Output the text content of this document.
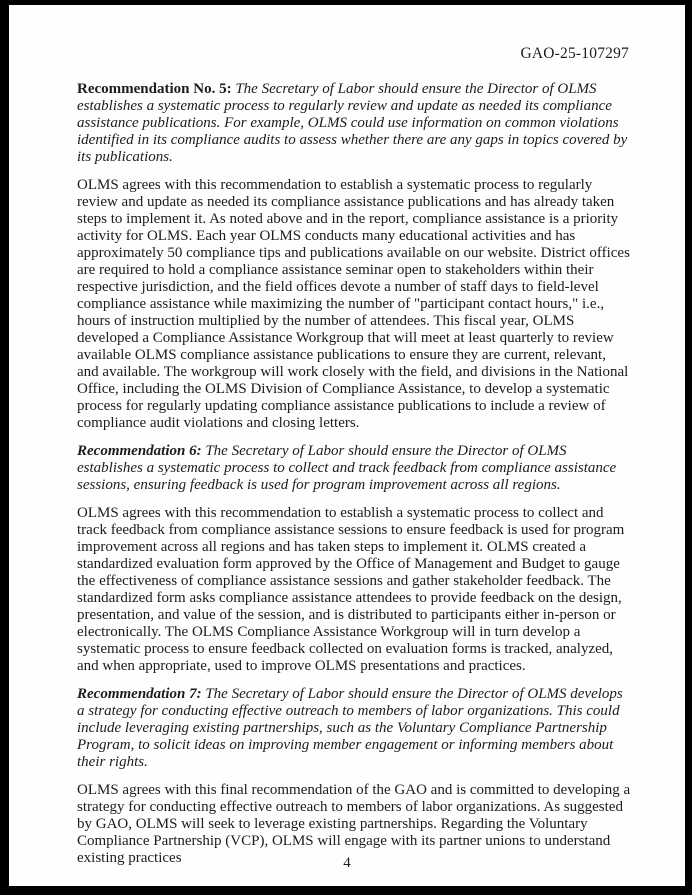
GAO-25-107297

Recommendation No. 5: The Secretary of Labor should ensure the Director of OLMS establishes a systematic process to regularly review and update as needed its compliance assistance publications. For example, OLMS could use information on common violations identified in its compliance audits to assess whether there are any gaps in topics covered by its publications.

OLMS agrees with this recommendation to establish a systematic process to regularly review and update as needed its compliance assistance publications and has already taken steps to implement it. As noted above and in the report, compliance assistance is a priority activity for OLMS. Each year OLMS conducts many educational activities and has approximately 50 compliance tips and publications available on our website. District offices are required to hold a compliance assistance seminar open to stakeholders within their respective jurisdiction, and the field offices devote a number of staff days to field-level compliance assistance while maximizing the number of "participant contact hours," i.e., hours of instruction multiplied by the number of attendees. This fiscal year, OLMS developed a Compliance Assistance Workgroup that will meet at least quarterly to review available OLMS compliance assistance publications to ensure they are current, relevant, and available. The workgroup will work closely with the field, and divisions in the National Office, including the OLMS Division of Compliance Assistance, to develop a systematic process for regularly updating compliance assistance publications to include a review of compliance audit violations and closing letters.

Recommendation 6: The Secretary of Labor should ensure the Director of OLMS establishes a systematic process to collect and track feedback from compliance assistance sessions, ensuring feedback is used for program improvement across all regions.

OLMS agrees with this recommendation to establish a systematic process to collect and track feedback from compliance assistance sessions to ensure feedback is used for program improvement across all regions and has taken steps to implement it. OLMS created a standardized evaluation form approved by the Office of Management and Budget to gauge the effectiveness of compliance assistance sessions and gather stakeholder feedback. The standardized form asks compliance assistance attendees to provide feedback on the design, presentation, and value of the session, and is distributed to participants either in-person or electronically. The OLMS Compliance Assistance Workgroup will in turn develop a systematic process to ensure feedback collected on evaluation forms is tracked, analyzed, and when appropriate, used to improve OLMS presentations and practices.

Recommendation 7: The Secretary of Labor should ensure the Director of OLMS develops a strategy for conducting effective outreach to members of labor organizations. This could include leveraging existing partnerships, such as the Voluntary Compliance Partnership Program, to solicit ideas on improving member engagement or informing members about their rights.

OLMS agrees with this final recommendation of the GAO and is committed to developing a strategy for conducting effective outreach to members of labor organizations. As suggested by GAO, OLMS will seek to leverage existing partnerships. Regarding the Voluntary Compliance Partnership (VCP), OLMS will engage with its partner unions to understand existing practices	4
